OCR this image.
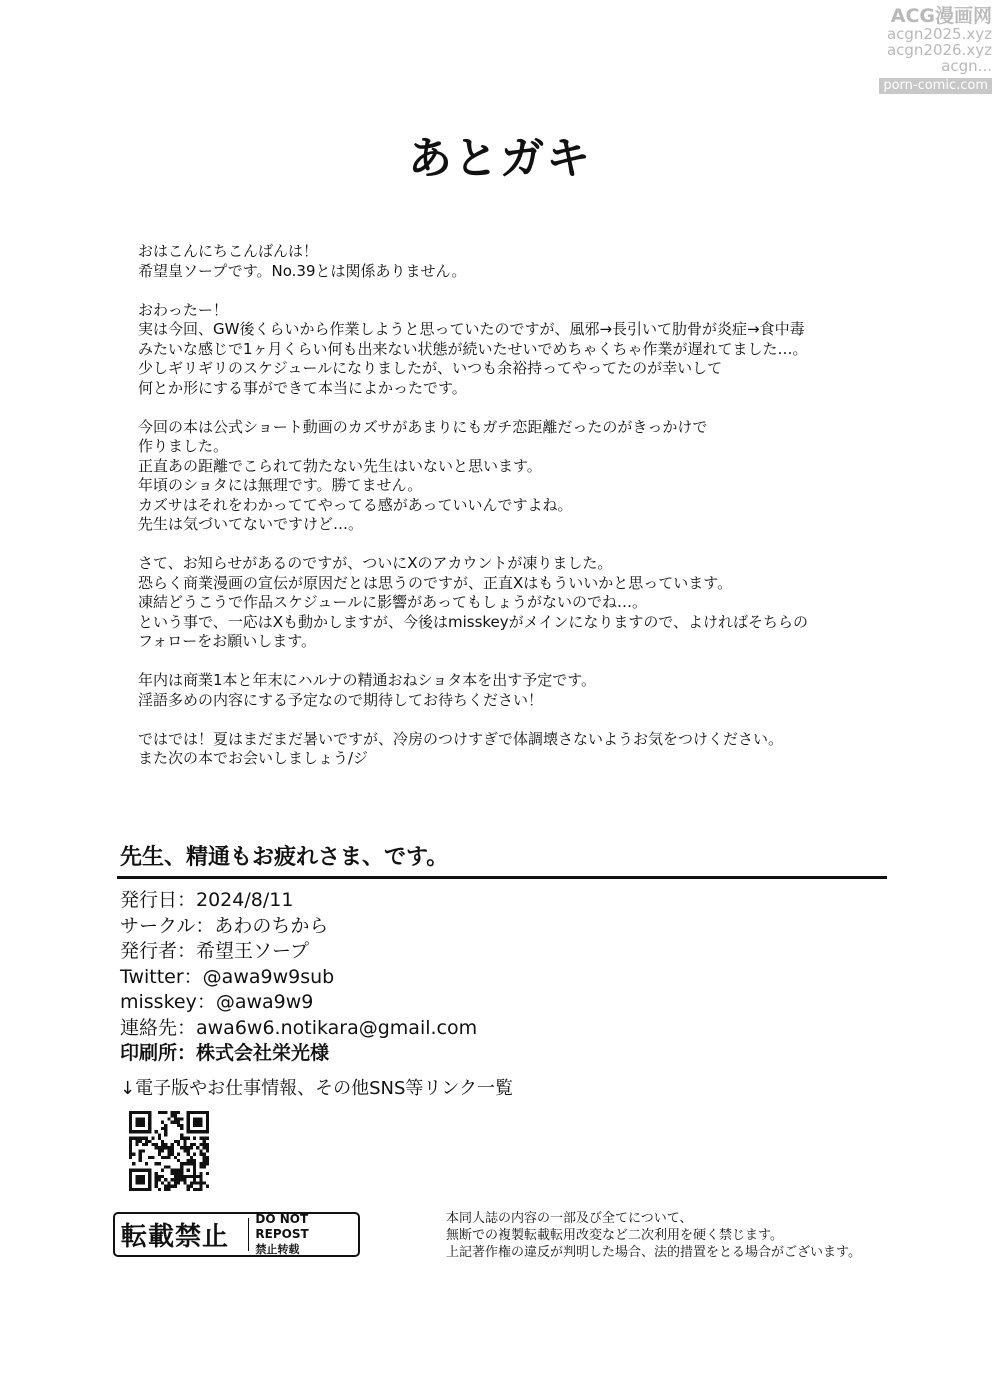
ACG漫画网
acgn2025.xyz
acgn2026.xyz
acgn...
porn-comic.com
あとガキ
おはこんにちこんばんは！
希望皇ソープです。No.39とは関係ありません。
おわったー！
実は今回、GW後くらいから作業しようと思っていたのですが、風邪→長引いて肋骨が炎症→食中毒
みたいな感じで1ヶ月くらい何も出来ない状態が続いたせいでめちゃくちゃ作業が遅れてました…。
少しギリギリのスケジュールになりましたが、いつも余裕持ってやってたのが幸いして
何とか形にする事ができて本当によかったです。
今回の本は公式ショート動画のカズサがあまりにもガチ恋距離だったのがきっかけで
作りました。
正直あの距離でこられて勃たない先生はいないと思います。
年頃のショタには無理です。勝てません。
カズサはそれをわかっててやってる感があっていいんですよね。
先生は気づいてないですけど…。
さて、お知らせがあるのですが、ついにXのアカウントが凍りました。
恐らく商業漫画の宣伝が原因だとは思うのですが、正直Xはもういいかと思っています。
凍結どうこうで作品スケジュールに影響があってもしょうがないのでね…。
という事で、一応はXも動かしますが、今後はmisskeyがメインになりますので、よければそちらの
フォローをお願いします。
年内は商業1本と年末にハルナの精通おねショタ本を出す予定です。
淫語多めの内容にする予定なので期待してお待ちください！
ではでは！夏はまだまだ暑いですが、冷房のつけすぎで体調壊さないようお気をつけください。
また次の本でお会いしましょう/ジ
先生、精通もお疲れさま、です。
発行日：2024/8/11
サークル：あわのちから
発行者：希望王ソープ
Twitter：@awa9w9sub
misskey：@awa9w9
連絡先：awa6w6.notikara@gmail.com
印刷所：株式会社栄光様
↓電子版やお仕事情報、その他SNS等リンク一覧
転載禁止
DO NOT REPOST
禁止转载
本同人誌の内容の一部及び全てについて、
無断での複製転載転用改変など二次利用を硬く禁じます。
上記著作権の違反が判明した場合、法的措置をとる場合がございます。
